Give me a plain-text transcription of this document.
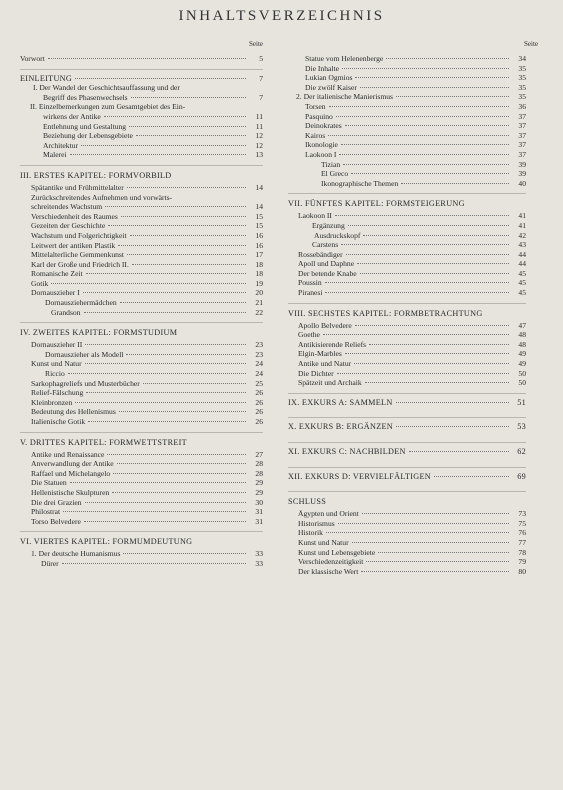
INHALTSVERZEICHNIS
Seite
Vorwort	5
EINLEITUNG	7
I. Der Wandel der Geschichtsauffassung und der
Begriff des Phasenwechsels	7
II. Einzelbemerkungen zum Gesamtgebiet des Ein-
wirkens der Antike	11
Entlehnung und Gestaltung	11
Beziehung der Lebensgebiete	12
Architektur	12
Malerei	13
III. ERSTES KAPITEL: FORMVORBILD
Spätantike und Frühmittelalter	14
Zurückschreitendes Aufnehmen und vorwärts-
schreitendes Wachstum	14
Verschiedenheit des Raumes	15
Gezeiten der Geschichte	15
Wachstum und Folgerichtigkeit	16
Leitwert der antiken Plastik	16
Mittelalterliche Gemmenkunst	17
Karl der Große und Friedrich II.	18
Romanische Zeit	18
Gotik	19
Dornauszieher I	20
Dornausziehermädchen	21
Grandson	22
IV. ZWEITES KAPITEL: FORMSTUDIUM
Dornauszieher II	23
Dornauszieher als Modell	23
Kunst und Natur	24
Riccio	24
Sarkophagreliefs und Musterbücher	25
Relief-Fälschung	26
Kleinbronzen	26
Bedeutung des Hellenismus	26
Italienische Gotik	26
V. DRITTES KAPITEL: FORMWETTSTREIT
Antike und Renaissance	27
Anverwandlung der Antike	28
Raffael und Michelangelo	28
Die Statuen	29
Hellenistische Skulpturen	29
Die drei Grazien	30
Philostrat	31
Torso Belvedere	31
VI. VIERTES KAPITEL: FORMUMDEUTUNG
1. Der deutsche Humanismus	33
Dürer	33
Seite
Statue vom Helenenberge	34
Die Inhalte	35
Lukian Ogmios	35
Die zwölf Kaiser	35
2. Der italienische Manierismus	35
Torsen	36
Pasquino	37
Deinokrates	37
Kairos	37
Ikonologie	37
Laokoon I	37
Tizian	39
El Greco	39
Ikonographische Themen	40
VII. FÜNFTES KAPITEL: FORMSTEIGERUNG
Laokoon II	41
Ergänzung	41
Ausdruckskopf	42
Carstens	43
Rossebändiger	44
Apoll und Daphne	44
Der betende Knabe	45
Poussin	45
Piranesi	45
VIII. SECHSTES KAPITEL: FORMBETRACHTUNG
Apollo Belvedere	47
Goethe	48
Antikisierende Reliefs	48
Elgin-Marbles	49
Antike und Natur	49
Die Dichter	50
Spätzeit und Archaik	50
IX. EXKURS A: SAMMELN	51
X. EXKURS B: ERGÄNZEN	53
XI. EXKURS C: NACHBILDEN	62
XII. EXKURS D: VERVIELFÄLTIGEN	69
SCHLUSS
Ägypten und Orient	73
Historismus	75
Historik	76
Kunst und Natur	77
Kunst und Lebensgebiete	78
Verschiedenzeitigkeit	79
Der klassische Wert	80
